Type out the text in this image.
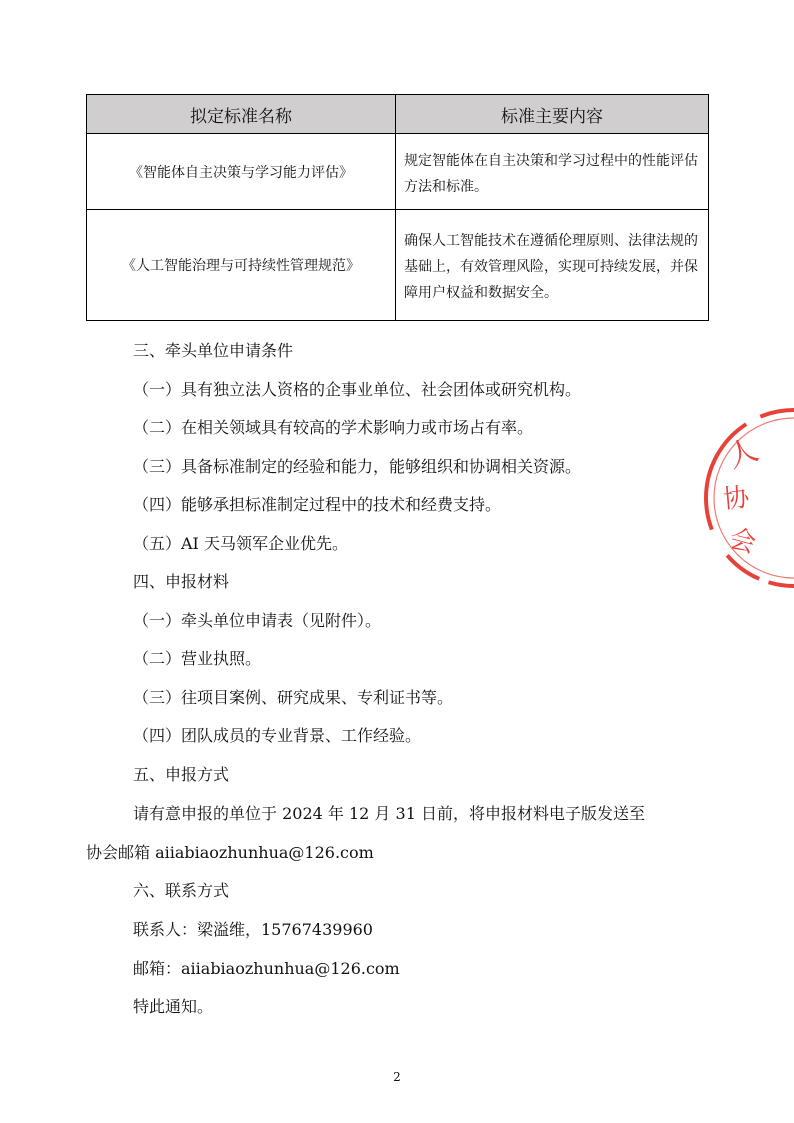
拟定标准名称	标准主要内容
《智能体自主决策与学习能力评估》	规定智能体在自主决策和学习过程中的性能评估方法和标准。
《人工智能治理与可持续性管理规范》	确保人工智能技术在遵循伦理原则、法律法规的基础上，有效管理风险，实现可持续发展，并保障用户权益和数据安全。
三、牵头单位申请条件
（一）具有独立法人资格的企事业单位、社会团体或研究机构。
（二）在相关领域具有较高的学术影响力或市场占有率。
（三）具备标准制定的经验和能力，能够组织和协调相关资源。
（四）能够承担标准制定过程中的技术和经费支持。
（五）AI 天马领军企业优先。
四、申报材料
（一）牵头单位申请表（见附件）。
（二）营业执照。
（三）往项目案例、研究成果、专利证书等。
（四）团队成员的专业背景、工作经验。
五、申报方式
请有意申报的单位于 2024 年 12 月 31 日前，将申报材料电子版发送至
协会邮箱 aiiabiaozhunhua@126.com
六、联系方式
联系人：梁溢维，15767439960
邮箱：aiiabiaozhunhua@126.com
特此通知。
2
人
协
会
